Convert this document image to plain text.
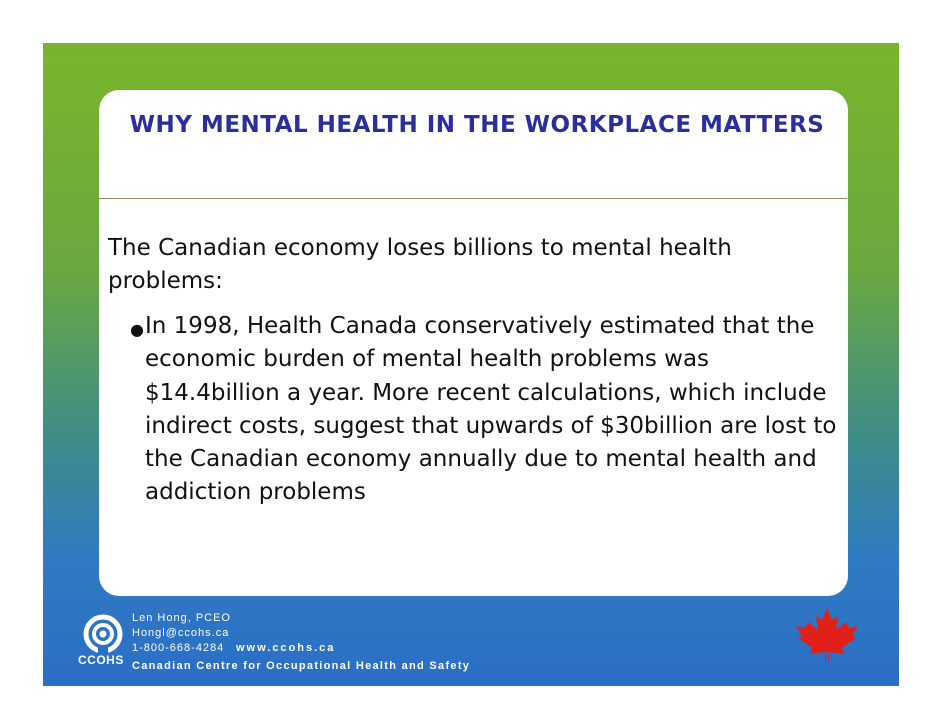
WHY MENTAL HEALTH IN THE WORKPLACE MATTERS

The Canadian economy loses billions to mental health problems:

● In 1998, Health Canada conservatively estimated that the economic burden of mental health problems was $14.4billion a year. More recent calculations, which include indirect costs, suggest that upwards of $30billion are lost to the Canadian economy annually due to mental health and addiction problems

CCOHS
Len Hong, PCEO
Hongl@ccohs.ca
1-800-668-4284 www.ccohs.ca
Canadian Centre for Occupational Health and Safety
